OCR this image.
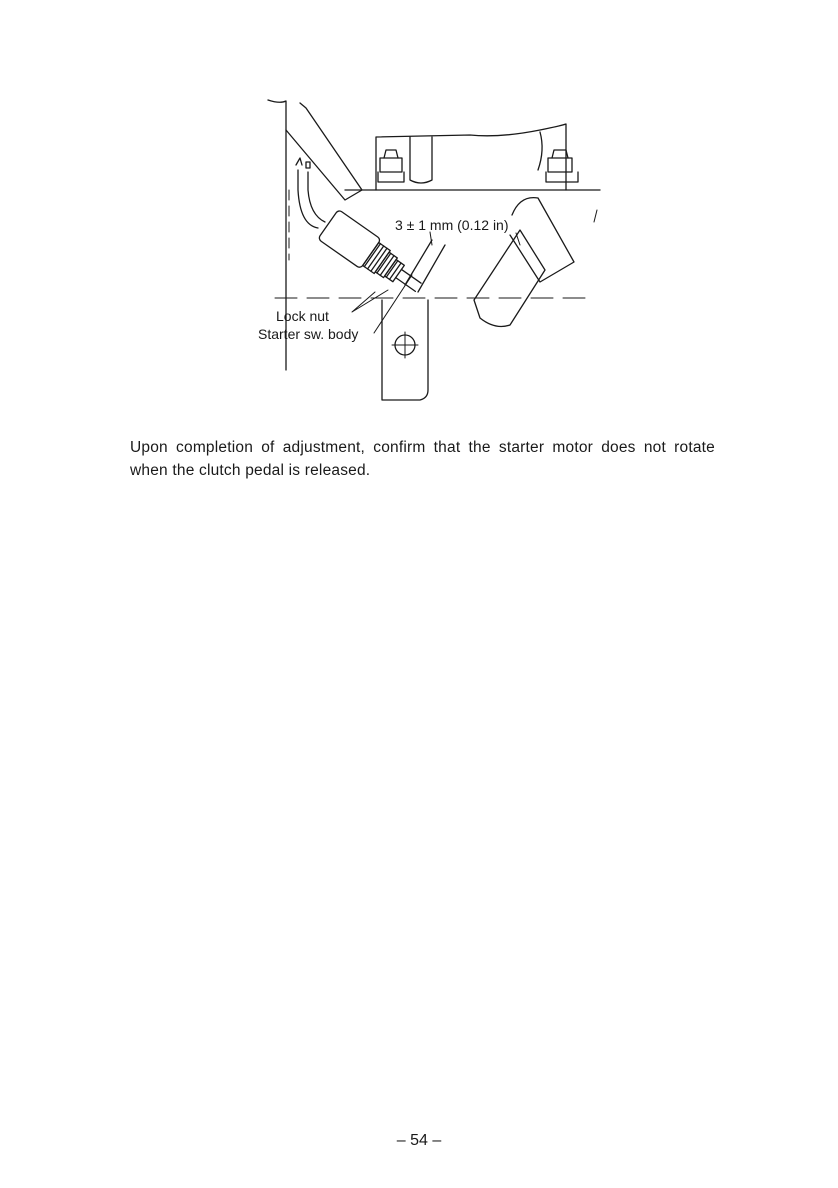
3 ± 1 mm (0.12 in)
Lock nut
Starter sw. body
Upon completion of adjustment, confirm that the starter motor does not rotate when the clutch pedal is released.
– 54 –
